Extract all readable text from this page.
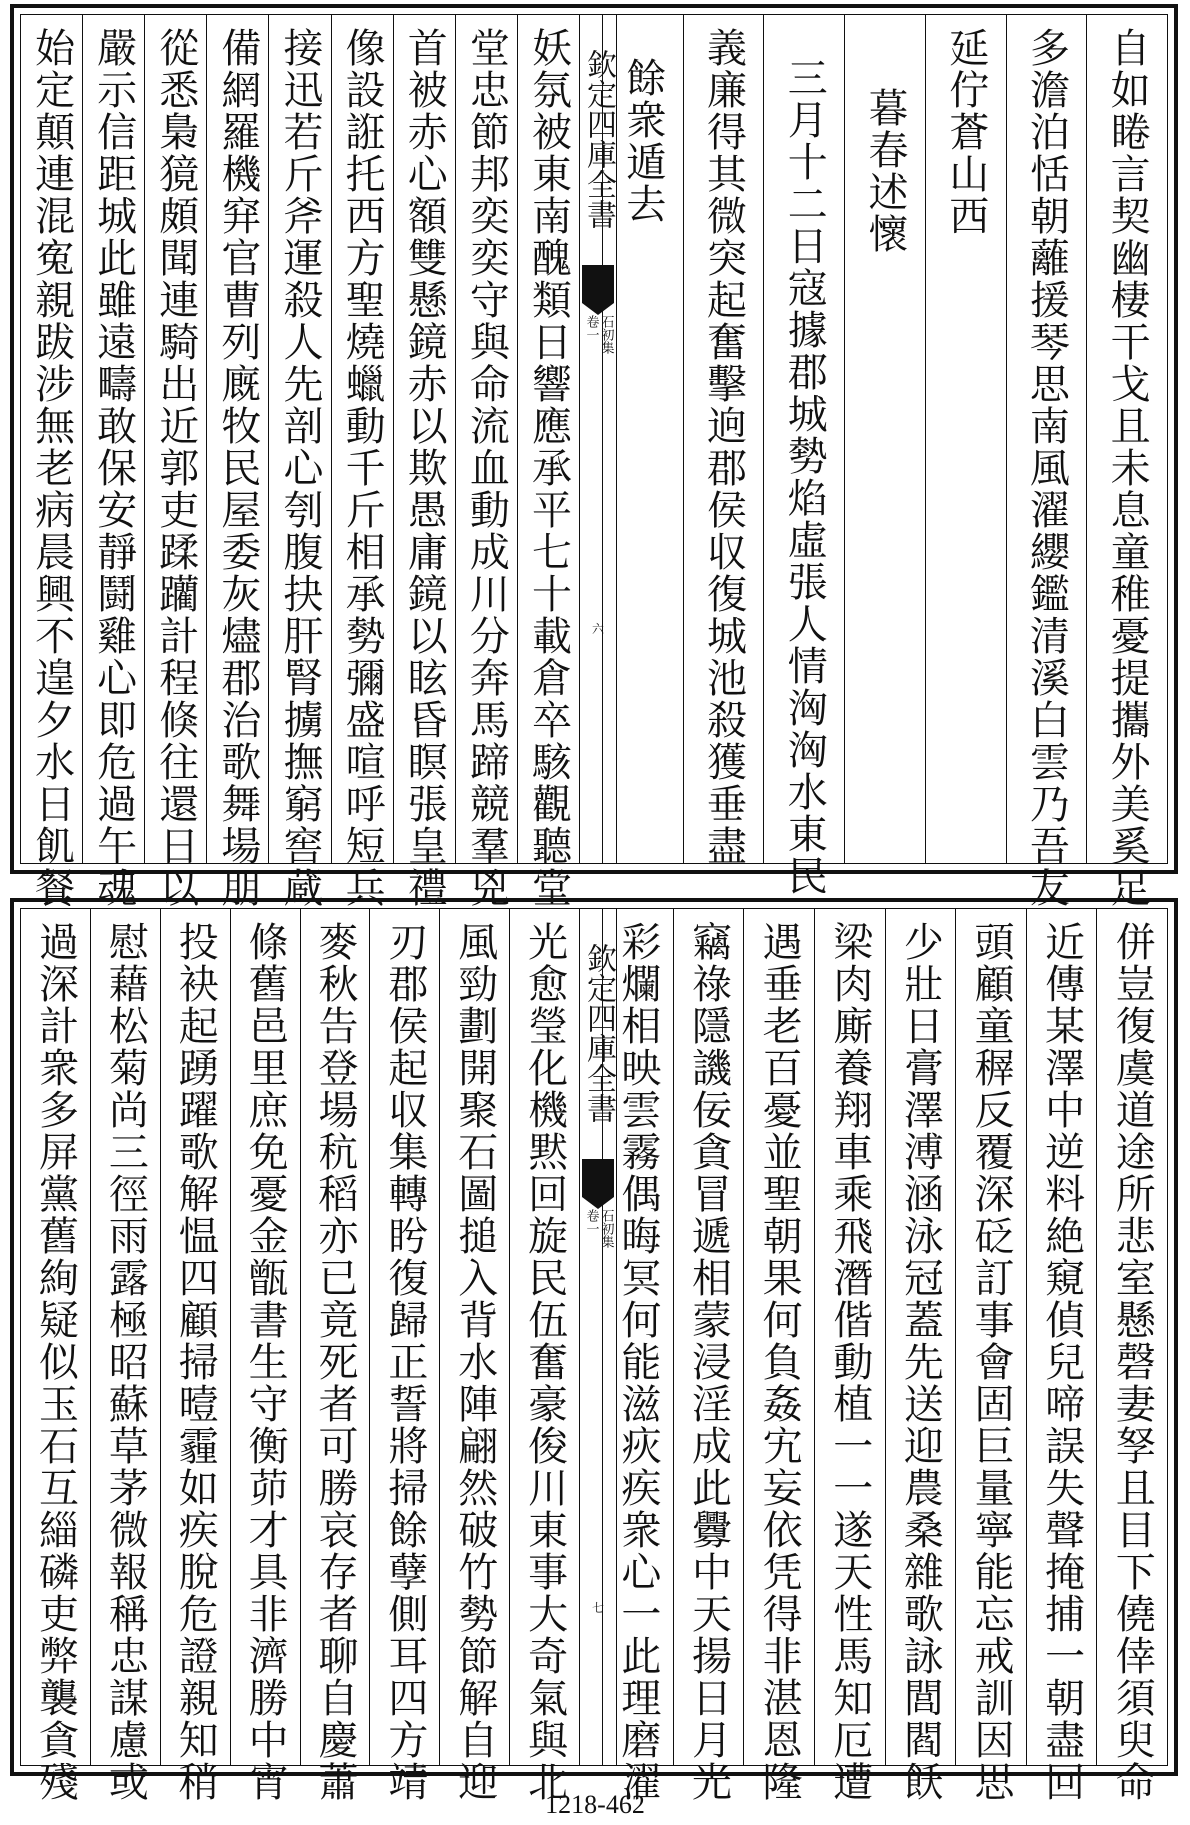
自如睠言契幽棲干戈且未息童稚憂提攜外美奚足
多澹泊恬朝蘺援琴思南風濯纓鑑清溪白雲乃吾友
延佇蒼山西
暮春述懷
三月十二日寇據郡城勢焰虛張人情洶洶水東民
義廉得其微突起奮擊逈郡侯収復城池殺獲垂盡
餘衆遁去
欽定四庫全書
石初集
卷一
六
妖氛被東南醜類日響應承平七十載倉卒駭觀聽堂
堂忠節邦奕奕守與命流血動成川分奔馬蹄競羣兇
首被赤心額雙懸鏡赤以欺愚庸鏡以眩昏瞑張皇禮
像設誑托西方聖燒蠟動千斤相承勢彌盛喧呼短兵
接迅若斤斧運殺人先剖心刳腹抉肝腎擄撫窮窖蔵
備網羅機穽官曹列廐牧民屋委灰燼郡治歌舞場朋
從悉梟獍頗聞連騎出近郭吏蹂躪計程倏往還日以
嚴示信距城此雖遠疇敢保安靜鬪雞心即危過午魂
始定顛連混寃親跋涉無老病晨興不遑夕水日飢餐
併豈復虞道途所悲室懸磬妻孥且目下僥倖須臾命
近傳某澤中逆料絶窺偵兒啼誤失聲掩捕一朝盡回
頭顧童稺反覆深砭訂事會固巨量寧能忘戒訓因思
少壯日膏澤溥涵泳冠蓋先送迎農桑雜歌詠閭閻飫
梁肉廝養翔車乘飛潛偕動植一一遂天性馬知厄遭
遇垂老百憂並聖朝果何負姦宄妄依凭得非湛恩隆
竊祿隱譏佞貪冒遞相蒙浸淫成此釁中天揚日月光
彩爛相映雲霧偶晦冥何能滋疢疾衆心一此理磨濯
欽定四庫全書
石初集
卷一
七
光愈瑩化機黙回旋民伍奮豪俊川東事大奇氣與北
風勁劃開聚石圖搥入背水陣翩然破竹勢節解自迎
刃郡侯起収集轉盻復歸正誓將掃餘孽側耳四方靖
麥秋告登場秔稻亦已竟死者可勝哀存者聊自慶蕭
條舊邑里庶免憂金甑書生守衡茆才具非濟勝中宵
投袂起踴躍歌解愠四顧掃曀霾如疾脫危證親知稍
慰藉松菊尚三徑雨露極昭蘇草茅微報稱忠謀慮或
過深計衆多屏黨舊絢疑似玉石互緇磷吏弊襲貪殘
1218-462
